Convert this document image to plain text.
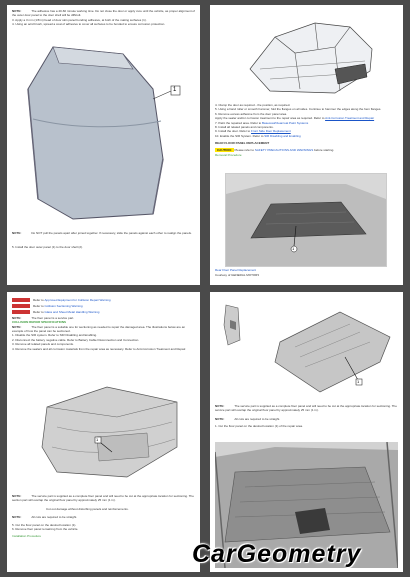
NOTE:	The adhesive has a 40-60 minute working time. Do not close the door or apply cure until the vehicle, as proper alignment of the outer door panel to the door shell will be difficult.
3. Apply a 3 mm (1/8 in) bead of door skin panel bonding adhesive, at both of the mating surfaces (1).
4. Using an acid brush, spread a coat of adhesive to cover all surfaces to be bonded to ensure corrosion protection.
1
NOTE:	Do NOT pull the panels apart after joined together. If necessary, slide the panels against each other to realign the panels.
5. Install the door outer panel (1) to the door shell (2).
4. Clamp the door as required - the position, as required.
5. Using a hand roller or smooth hammer, fold the flanges on all sides. Continue to hammer the edges along the hem flanges.
6. Remove excess adhesive from the door panel area.
Apply the sealer and/or corrosion treatment to the repair area as required. Refer to Anti-Corrosion Treatment and Repair
7. Paint the repaired area. Refer to Basecoat/Clearcoat Paint Systems
8. Install all related panels and components.
9. Install the door. Refer to Front Side Door Replacement
10. Enable the SIR System. Refer to SIR Disabling and Enabling
REAR FLOOR PANEL REPLACEMENT
CAUTION: Please refer to SAFETY PRECAUTIONS AND WARNINGS before starting.
Removal Procedure
1
Rear Floor Panel Replacement
Courtesy of GENERAL MOTORS
Refer to
Approved Equipment for Collision Repair Warning
Refer to
Collision Sectioning Warning
Refer to
Glass and Sheet Metal Handling Warning
NOTE:	The floor panel is a service part.
COLLISION REPAIR SPECIFICATIONS
NOTE:	The floor panel is a suitable one for sectioning as needed to repair the damaged area. The illustrations below are an example of how the panel can be sectioned.
1. Disable the SIR system. Refer to SIR Disabling and Enabling.
2. Disconnect the battery negative cable. Refer to Battery Cable Disconnection and Connection.
3. Remove all related panels and components.
4. Remove the sealers and all corrosion materials from the repair area as necessary. Refer to Anti-Corrosion Treatment and Repair.
1
NOTE:	The service part is supplied as a complete floor panel and will need to be cut at the appropriate location for sectioning. The section part will overlap the original floor panel by approximately 25 mm (1 in).
Cut out damage without disturbing panels and reinforcements.
NOTE:	All cuts are required to be straight.
5. Cut the floor panel on the desired location (1).
6. Remove floor panel remaining from the vehicle.
Installation Procedure
1
NOTE:	The service part is supplied as a complete floor panel and will need to be cut at the appropriate location for sectioning. The service part will overlap the original floor panel by approximately 25 mm (1 in).
NOTE:	All cuts are required to be straight.
1. Cut the floor panel on the desired location (1) of the repair area.
CarGeometry
